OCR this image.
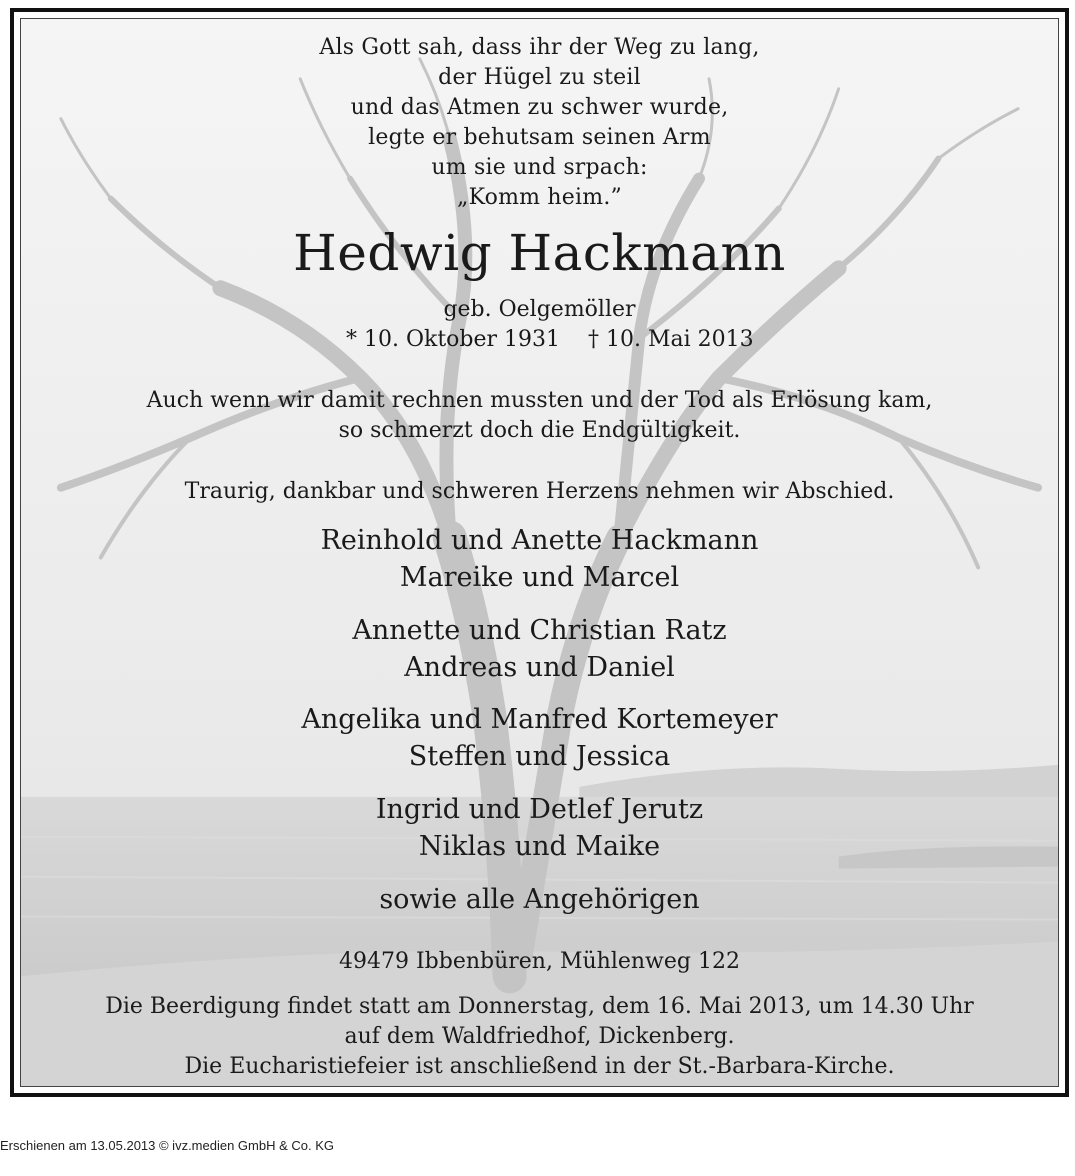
Als Gott sah, dass ihr der Weg zu lang,
der Hügel zu steil
und das Atmen zu schwer wurde,
legte er behutsam seinen Arm
um sie und srpach:
„Komm heim.”
Hedwig Hackmann
geb. Oelgemöller
* 10. Oktober 1931 † 10. Mai 2013
Auch wenn wir damit rechnen mussten und der Tod als Erlösung kam,
so schmerzt doch die Endgültigkeit.
Traurig, dankbar und schweren Herzens nehmen wir Abschied.
Reinhold und Anette Hackmann
Mareike und Marcel
Annette und Christian Ratz
Andreas und Daniel
Angelika und Manfred Kortemeyer
Steffen und Jessica
Ingrid und Detlef Jerutz
Niklas und Maike
sowie alle Angehörigen
49479 Ibbenbüren, Mühlenweg 122
Die Beerdigung findet statt am Donnerstag, dem 16. Mai 2013, um 14.30 Uhr
auf dem Waldfriedhof, Dickenberg.
Die Eucharistiefeier ist anschließend in der St.-Barbara-Kirche.
Erschienen am 13.05.2013 © ivz.medien GmbH & Co. KG
